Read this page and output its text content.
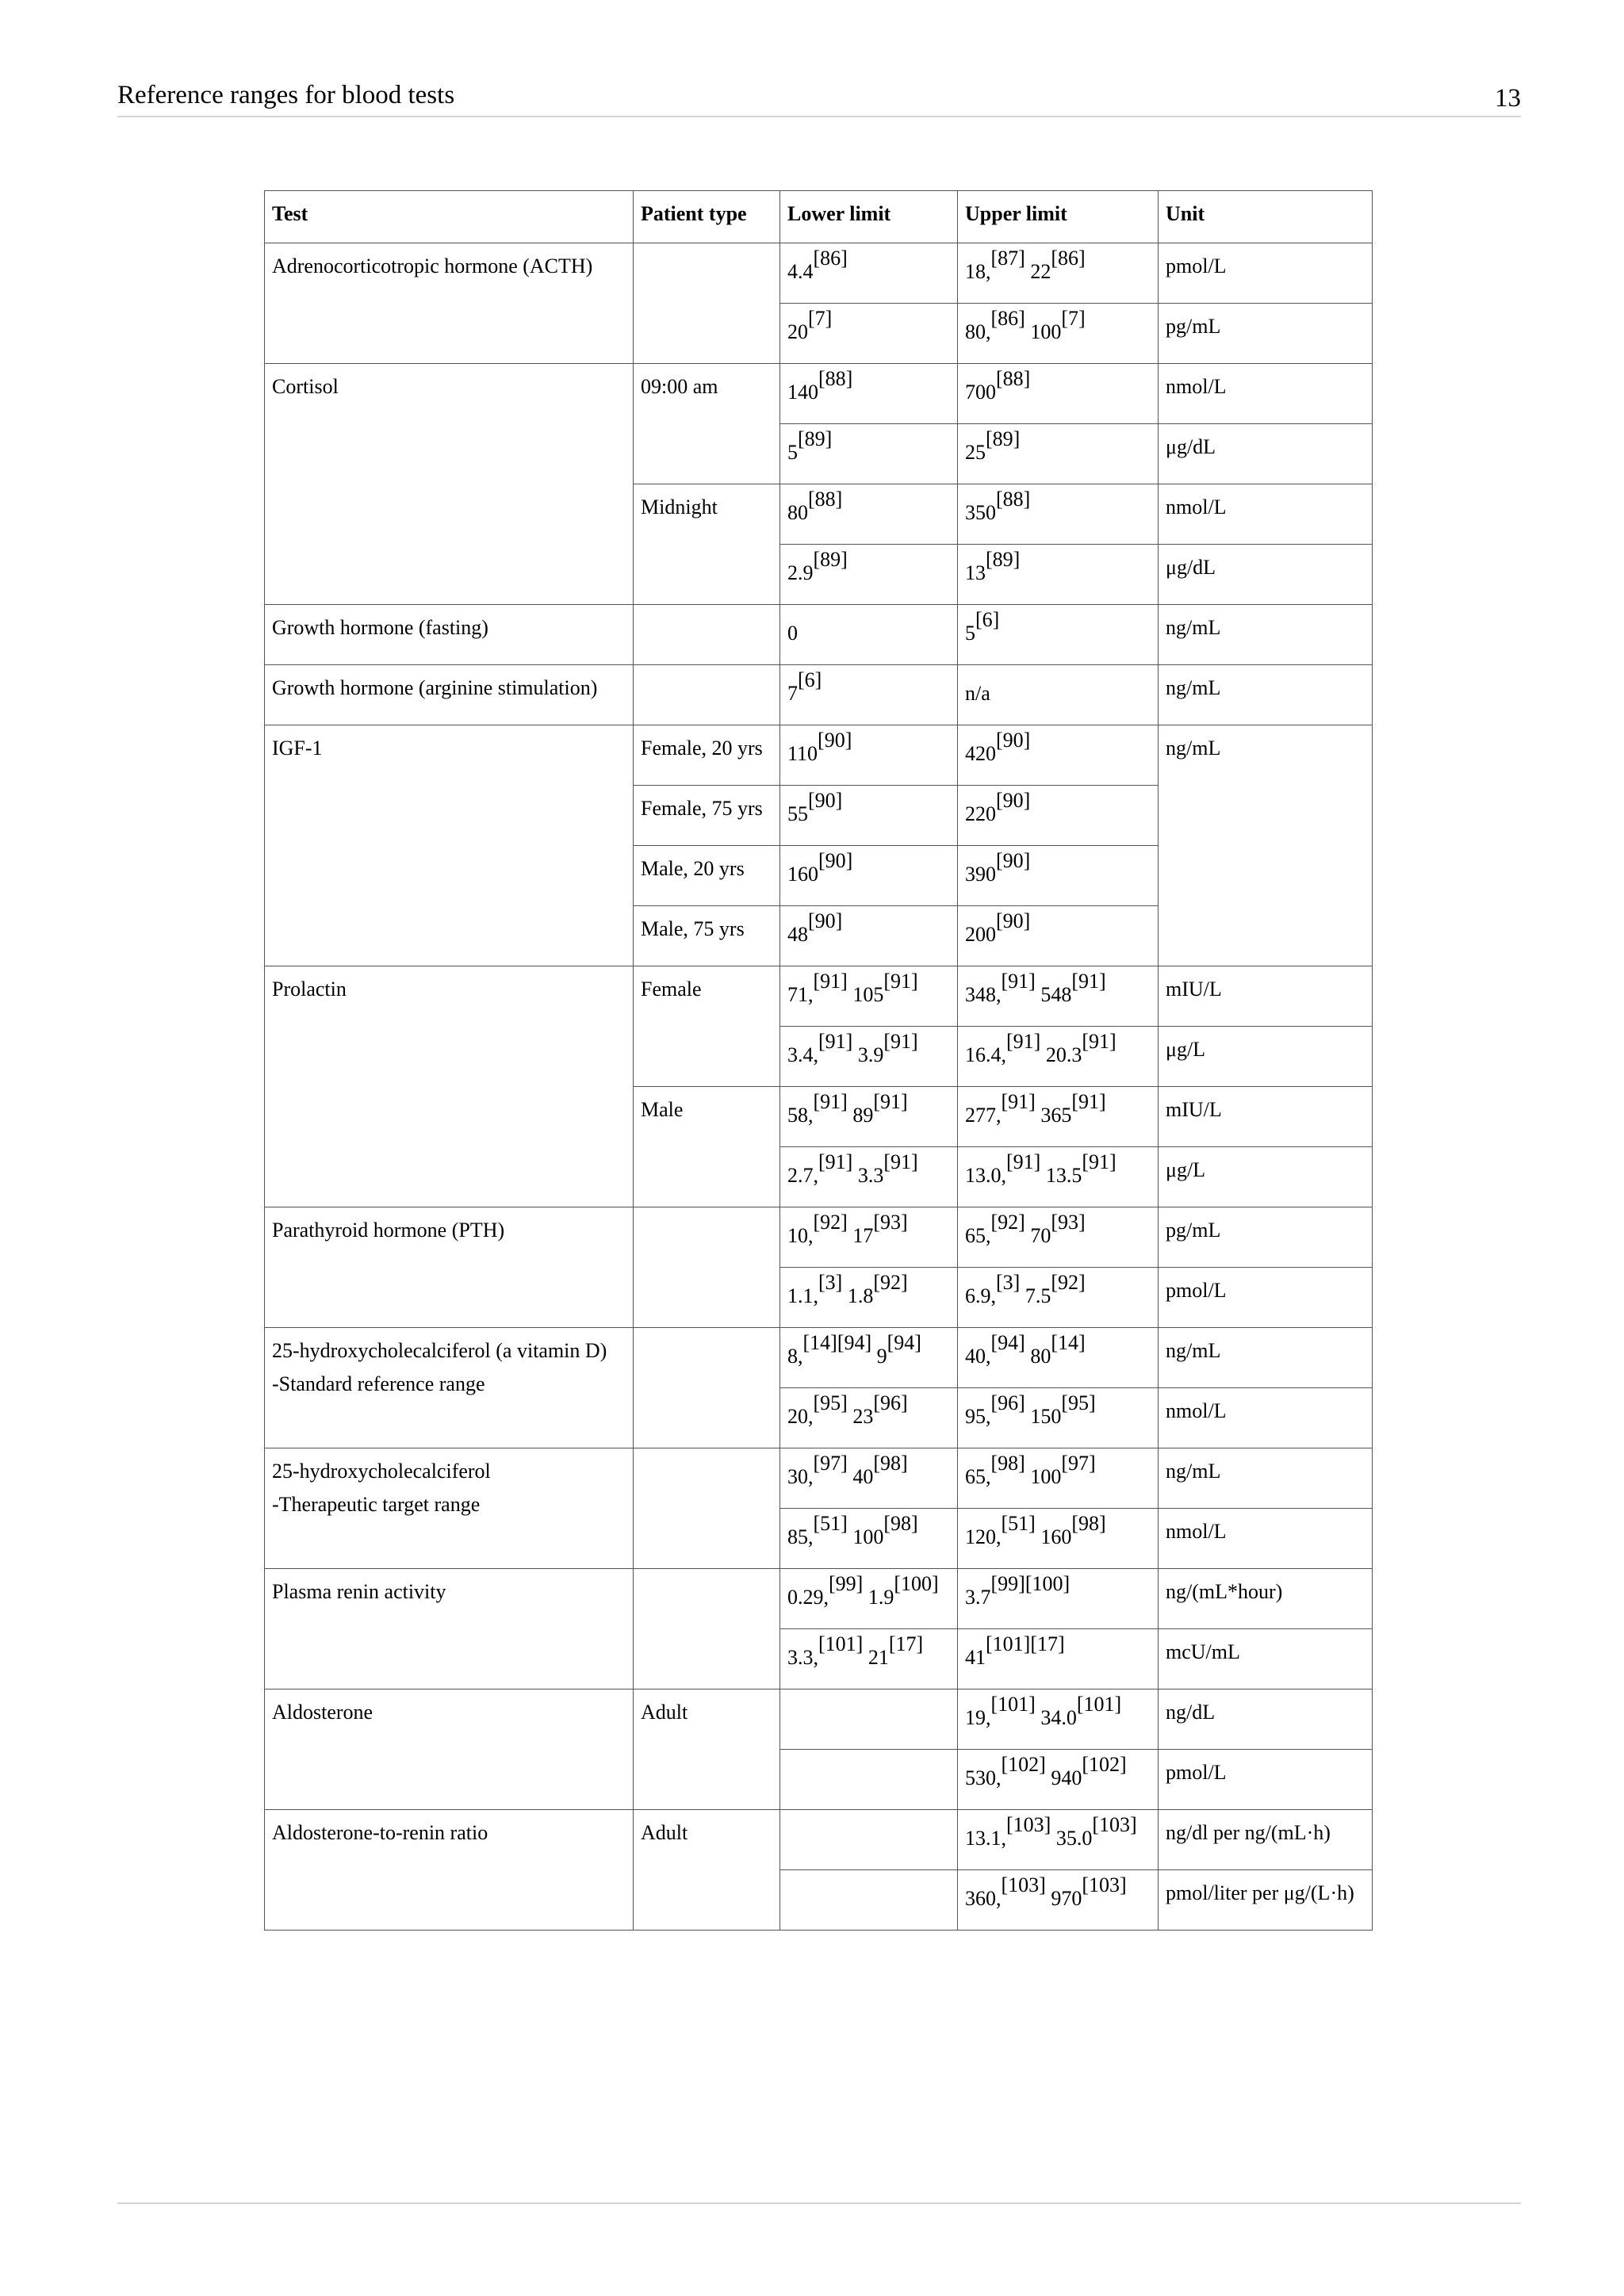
Reference ranges for blood tests	13
Test	Patient type	Lower limit	Upper limit	Unit
Adrenocorticotropic hormone (ACTH)		4.4[86]	18,[87] 22[86]	pmol/L
		20[7]	80,[86] 100[7]	pg/mL
Cortisol	09:00 am	140[88]	700[88]	nmol/L
		5[89]	25[89]	μg/dL
	Midnight	80[88]	350[88]	nmol/L
		2.9[89]	13[89]	μg/dL
Growth hormone (fasting)		0	5[6]	ng/mL
Growth hormone (arginine stimulation)		7[6]	n/a	ng/mL
IGF-1	Female, 20 yrs	110[90]	420[90]	ng/mL
	Female, 75 yrs	55[90]	220[90]
	Male, 20 yrs	160[90]	390[90]
	Male, 75 yrs	48[90]	200[90]
Prolactin	Female	71,[91] 105[91]	348,[91] 548[91]	mIU/L
		3.4,[91] 3.9[91]	16.4,[91] 20.3[91]	μg/L
	Male	58,[91] 89[91]	277,[91] 365[91]	mIU/L
		2.7,[91] 3.3[91]	13.0,[91] 13.5[91]	μg/L
Parathyroid hormone (PTH)		10,[92] 17[93]	65,[92] 70[93]	pg/mL
		1.1,[3] 1.8[92]	6.9,[3] 7.5[92]	pmol/L
25-hydroxycholecalciferol (a vitamin D)
-Standard reference range		8,[14][94] 9[94]	40,[94] 80[14]	ng/mL
		20,[95] 23[96]	95,[96] 150[95]	nmol/L
25-hydroxycholecalciferol
-Therapeutic target range		30,[97] 40[98]	65,[98] 100[97]	ng/mL
		85,[51] 100[98]	120,[51] 160[98]	nmol/L
Plasma renin activity		0.29,[99] 1.9[100]	3.7[99][100]	ng/(mL*hour)
		3.3,[101] 21[17]	41[101][17]	mcU/mL
Aldosterone	Adult		19,[101] 34.0[101]	ng/dL
			530,[102] 940[102]	pmol/L
Aldosterone-to-renin ratio	Adult		13.1,[103] 35.0[103]	ng/dl per ng/(mL·h)
			360,[103] 970[103]	pmol/liter per μg/(L·h)
